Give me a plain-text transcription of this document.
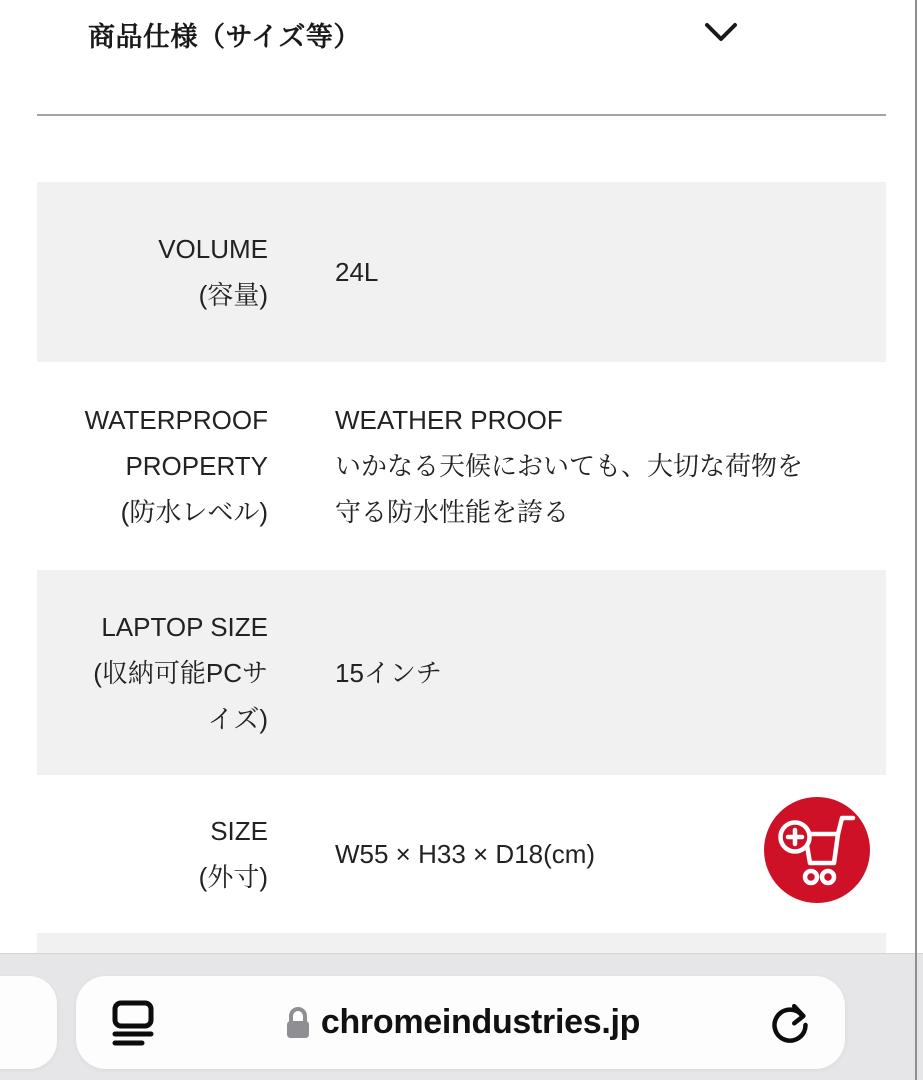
商品仕様（サイズ等）
VOLUME
(容量)
24L
WATERPROOF
PROPERTY
(防水レベル)
WEATHER PROOF
いかなる天候においても、大切な荷物を
守る防水性能を誇る
LAPTOP SIZE
(収納可能PCサ
イズ)
15インチ
SIZE
(外寸)
W55 × H33 × D18(cm)
chromeindustries.jp
